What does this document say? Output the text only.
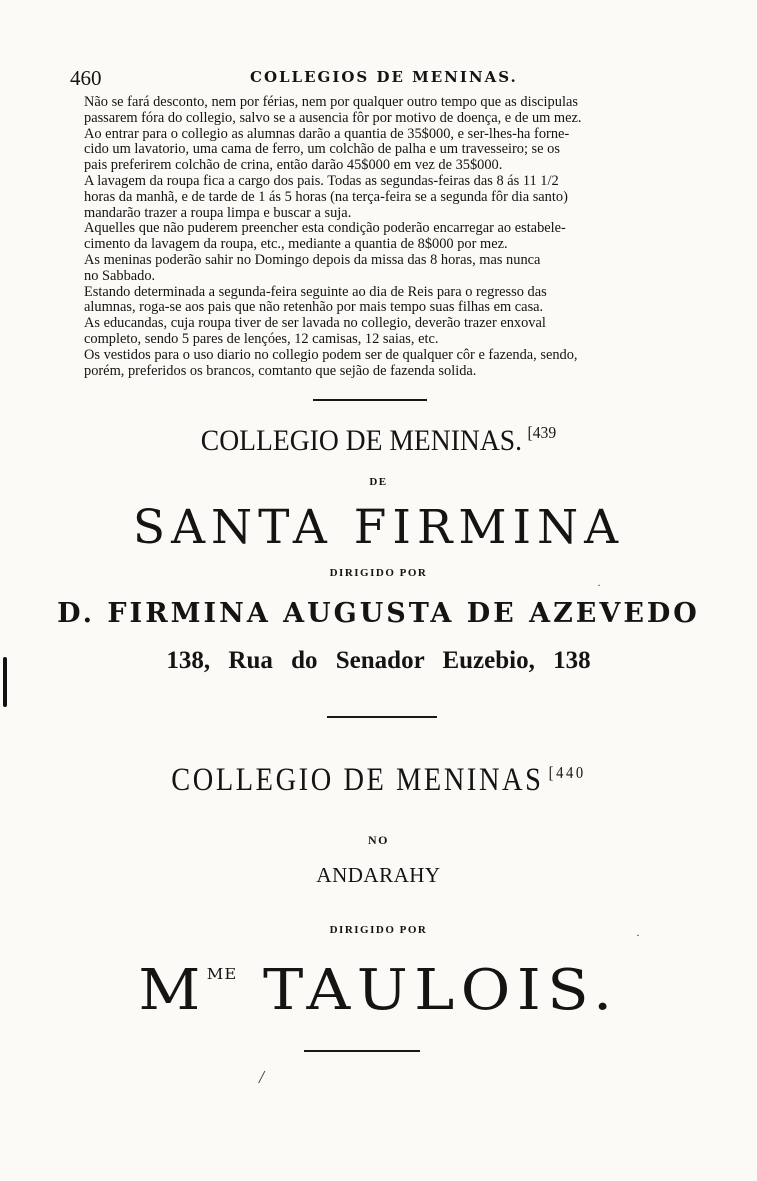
460	COLLEGIOS DE MENINAS.

Não se fará desconto, nem por férias, nem por qualquer outro tempo que as discipulas
passarem fóra do collegio, salvo se a ausencia fôr por motivo de doença, e de um mez.

Ao entrar para o collegio as alumnas darão a quantia de 35$000, e ser-lhes-ha forne-
cido um lavatorio, uma cama de ferro, um colchão de palha e um travesseiro; se os
pais preferirem colchão de crina, então darão 45$000 em vez de 35$000.

A lavagem da roupa fica a cargo dos pais. Todas as segundas-feiras das 8 ás 11 1/2
horas da manhã, e de tarde de 1 ás 5 horas (na terça-feira se a segunda fôr dia santo)
mandarão trazer a roupa limpa e buscar a suja.

Aquelles que não puderem preencher esta condição poderão encarregar ao estabele-
cimento da lavagem da roupa, etc., mediante a quantia de 8$000 por mez.

As meninas poderão sahir no Domingo depois da missa das 8 horas, mas nunca
no Sabbado.

Estando determinada a segunda-feira seguinte ao dia de Reis para o regresso das
alumnas, roga-se aos pais que não retenhão por mais tempo suas filhas em casa.

As educandas, cuja roupa tiver de ser lavada no collegio, deverão trazer enxoval
completo, sendo 5 pares de lençóes, 12 camisas, 12 saias, etc.

Os vestidos para o uso diario no collegio podem ser de qualquer côr e fazenda, sendo,
porém, preferidos os brancos, comtanto que sejão de fazenda solida.

COLLEGIO DE MENINAS. $^{[439}$
DE
SANTA FIRMINA
DIRIGIDO POR
D. FIRMINA AUGUSTA DE AZEVEDO
138, Rua do Senador Euzebio, 138
COLLEGIO DE MENINAS $^{[440}$
NO
ANDARAHY
DIRIGIDO POR
$M^{ME}$ TAULOIS.
/
·
·
